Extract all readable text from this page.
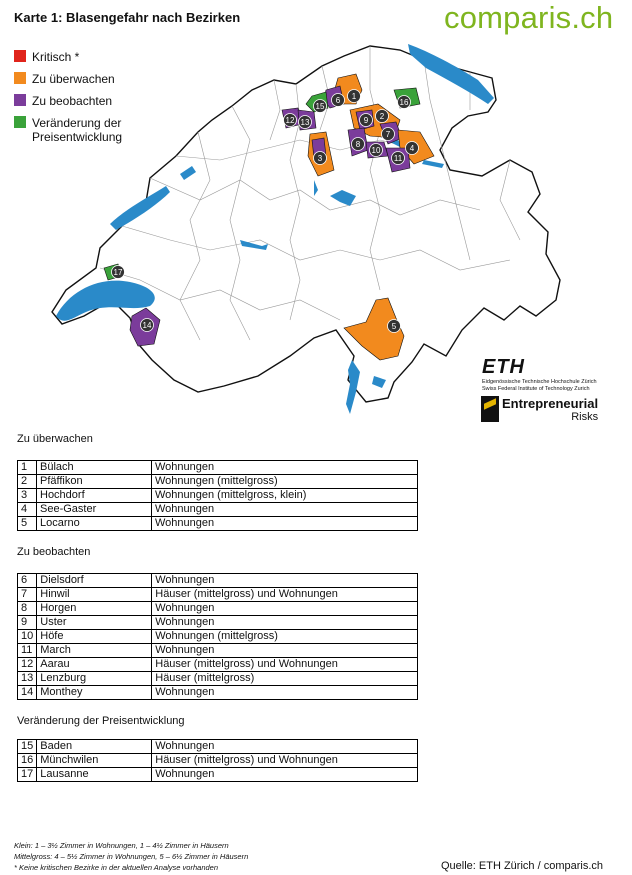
Karte 1: Blasengefahr nach Bezirken	comparis.ch
1
2
3
4
5
6
7
8
9
10
11
12 13
14
15	16
17
Kritisch *
Zu überwachen
Zu beobachten
Veränderung der Preisentwicklung
ETH
Eidgenössische Technische Hochschule Zürich
Swiss Federal Institute of Technology Zurich
Entrepreneurial
Risks
Zu überwachen
1	Bülach	Wohnungen
2	Pfäffikon	Wohnungen (mittelgross)
3	Hochdorf	Wohnungen (mittelgross, klein)
4	See-Gaster	Wohnungen
5	Locarno	Wohnungen
Zu beobachten
6	Dielsdorf	Wohnungen
7	Hinwil	Häuser (mittelgross) und Wohnungen
8	Horgen	Wohnungen
9	Uster	Wohnungen
10	Höfe	Wohnungen (mittelgross)
11	March	Wohnungen
12	Aarau	Häuser (mittelgross) und Wohnungen
13	Lenzburg	Häuser (mittelgross)
14	Monthey	Wohnungen
Veränderung der Preisentwicklung
15	Baden	Wohnungen
16	Münchwilen	Häuser (mittelgross) und Wohnungen
17	Lausanne	Wohnungen
Klein: 1 – 3½ Zimmer in Wohnungen, 1 – 4½ Zimmer in Häusern
Mittelgross: 4 – 5½ Zimmer in Wohnungen, 5 – 6½ Zimmer in Häusern
* Keine kritischen Bezirke in der aktuellen Analyse vorhanden	Quelle: ETH Zürich / comparis.ch
